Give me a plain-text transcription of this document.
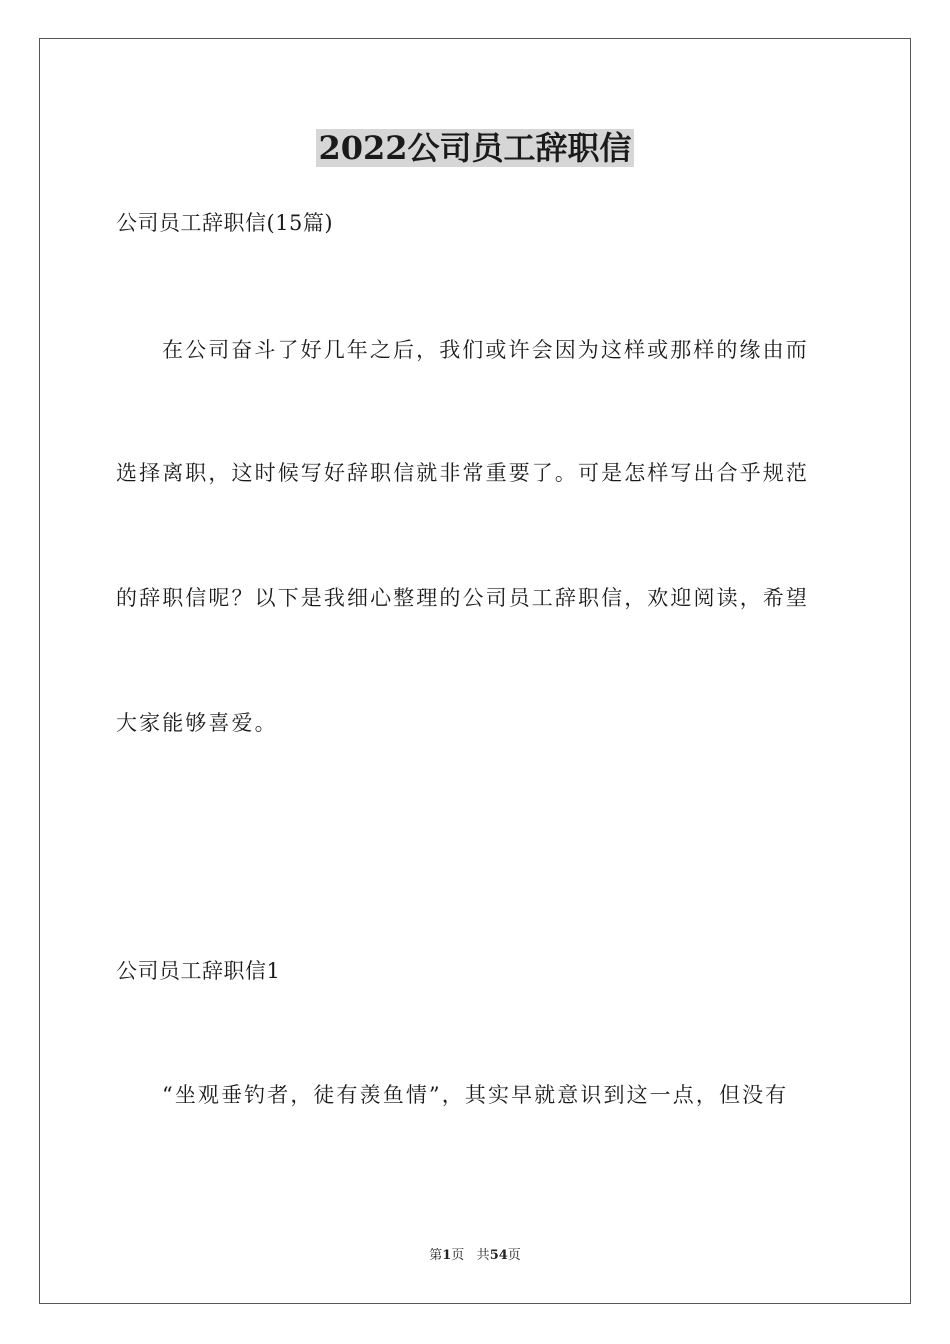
2022公司员工辞职信
公司员工辞职信(15篇)
在公司奋斗了好几年之后，我们或许会因为这样或那样的缘由而
选择离职，这时候写好辞职信就非常重要了。可是怎样写出合乎规范
的辞职信呢？以下是我细心整理的公司员工辞职信，欢迎阅读，希望
大家能够喜爱。
公司员工辞职信1
“坐观垂钓者，徒有羡鱼情”，其实早就意识到这一点，但没有
第1页 共54页
